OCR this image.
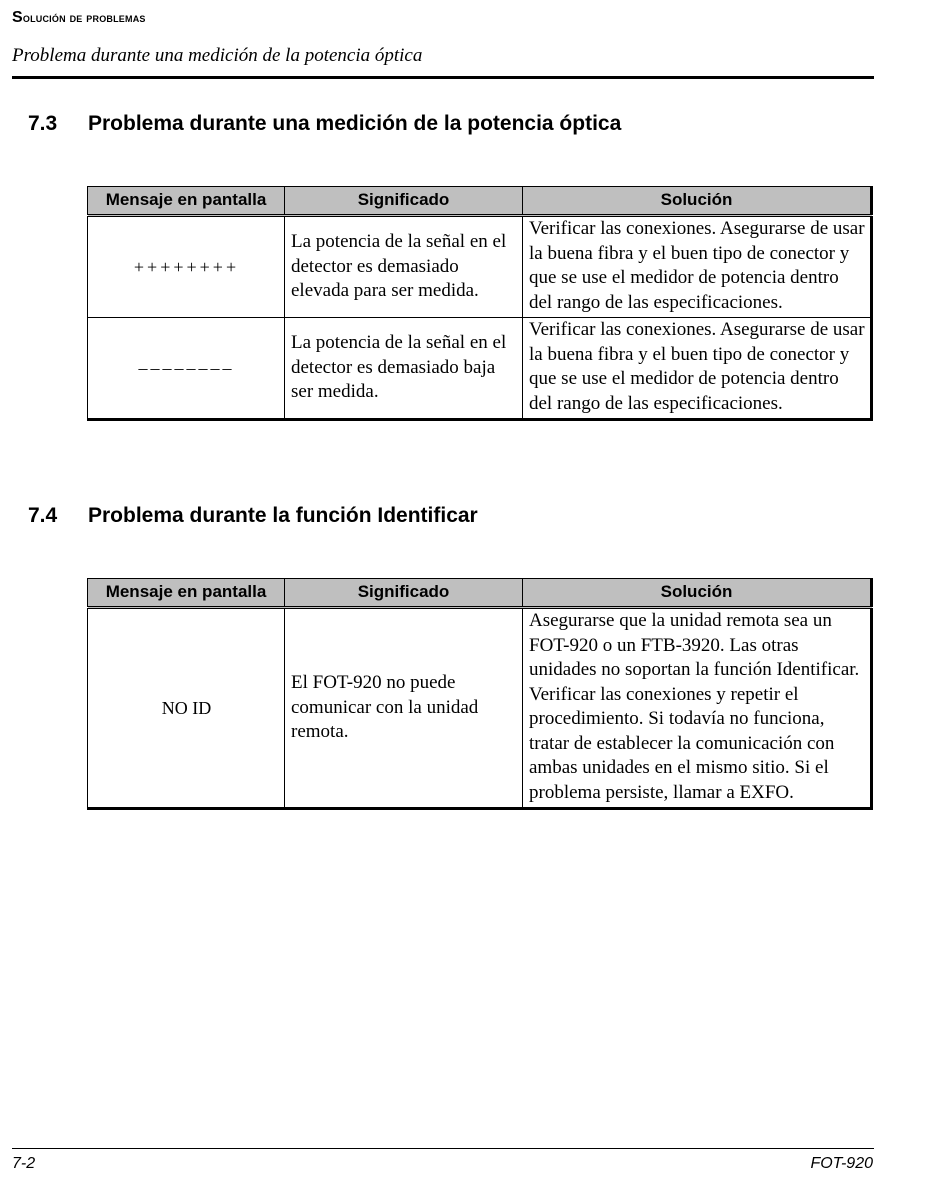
Solución de problemas
Problema durante una medición de la potencia óptica
7.3 Problema durante una medición de la potencia óptica
Mensaje en pantalla	Significado	Solución
++++++++	La potencia de la señal en el detector es demasiado elevada para ser medida.	Verificar las conexiones. Asegurarse de usar la buena fibra y el buen tipo de conector y que se use el medidor de potencia dentro del rango de las especificaciones.
––––––––	La potencia de la señal en el detector es demasiado baja ser medida.	Verificar las conexiones. Asegurarse de usar la buena fibra y el buen tipo de conector y que se use el medidor de potencia dentro del rango de las especificaciones.
7.4 Problema durante la función Identificar
Mensaje en pantalla	Significado	Solución
NO ID	El FOT-920 no puede comunicar con la unidad remota.	Asegurarse que la unidad remota sea un FOT-920 o un FTB-3920. Las otras unidades no soportan la función Identificar. Verificar las conexiones y repetir el procedimiento. Si todavía no funciona, tratar de establecer la comunicación con ambas unidades en el mismo sitio. Si el problema persiste, llamar a EXFO.
7-2	FOT-920
